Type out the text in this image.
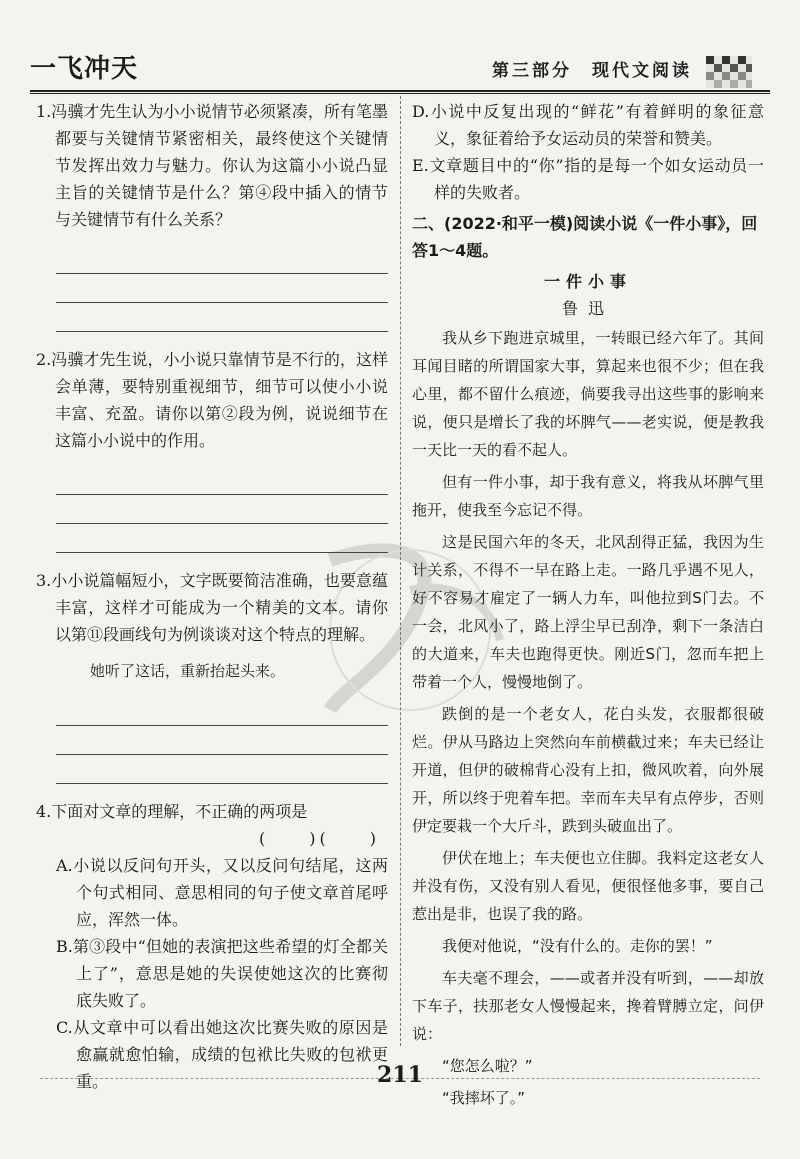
一飞冲天	第三部分　现代文阅读

1.冯骥才先生认为小小说情节必须紧凑，所有笔墨都要与关键情节紧密相关，最终使这个关键情节发挥出效力与魅力。你认为这篇小小说凸显主旨的关键情节是什么？第④段中插入的情节与关键情节有什么关系？

2.冯骥才先生说，小小说只靠情节是不行的，这样会单薄，要特别重视细节，细节可以使小小说丰富、充盈。请你以第②段为例，说说细节在这篇小小说中的作用。

3.小小说篇幅短小，文字既要简洁准确，也要意蕴丰富，这样才可能成为一个精美的文本。请你以第⑪段画线句为例谈谈对这个特点的理解。

她听了这话，重新抬起头来。

4.下面对文章的理解，不正确的两项是

(　　)(　　)

A.小说以反问句开头，又以反问句结尾，这两个句式相同、意思相同的句子使文章首尾呼应，浑然一体。

B.第③段中“但她的表演把这些希望的灯全都关上了”，意思是她的失误使她这次的比赛彻底失败了。

C.从文章中可以看出她这次比赛失败的原因是愈赢就愈怕输，成绩的包袱比失败的包袱更重。

D.小说中反复出现的“鲜花”有着鲜明的象征意义，象征着给予女运动员的荣誉和赞美。

E.文章题目中的“你”指的是每一个如女运动员一样的失败者。

二、(2022·和平一模)阅读小说《一件小事》，回答1～4题。

一件小事
鲁迅

我从乡下跑进京城里，一转眼已经六年了。其间耳闻目睹的所谓国家大事，算起来也很不少；但在我心里，都不留什么痕迹，倘要我寻出这些事的影响来说，便只是增长了我的坏脾气——老实说，便是教我一天比一天的看不起人。

但有一件小事，却于我有意义，将我从坏脾气里拖开，使我至今忘记不得。

这是民国六年的冬天，北风刮得正猛，我因为生计关系，不得不一早在路上走。一路几乎遇不见人，好不容易才雇定了一辆人力车，叫他拉到S门去。不一会，北风小了，路上浮尘早已刮净，剩下一条洁白的大道来，车夫也跑得更快。刚近S门，忽而车把上带着一个人，慢慢地倒了。

跌倒的是一个老女人，花白头发，衣服都很破烂。伊从马路边上突然向车前横截过来；车夫已经让开道，但伊的破棉背心没有上扣，微风吹着，向外展开，所以终于兜着车把。幸而车夫早有点停步，否则伊定要栽一个大斤斗，跌到头破血出了。

伊伏在地上；车夫便也立住脚。我料定这老女人并没有伤，又没有别人看见，便很怪他多事，要自己惹出是非，也误了我的路。

我便对他说，“没有什么的。走你的罢！”

车夫毫不理会，——或者并没有听到，——却放下车子，扶那老女人慢慢起来，搀着臂膊立定，问伊说：

“您怎么啦？”

“我摔坏了。”

211
